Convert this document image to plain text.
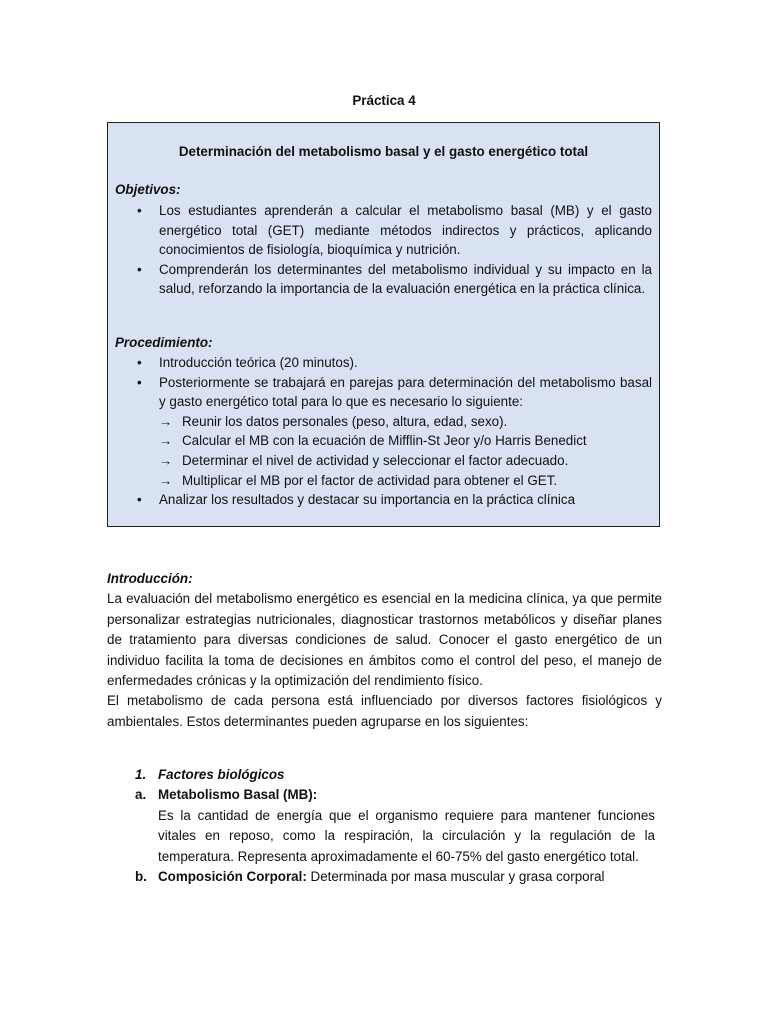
Práctica 4
Determinación del metabolismo basal y el gasto energético total
Objetivos:
• Los estudiantes aprenderán a calcular el metabolismo basal (MB) y el gasto energético total (GET) mediante métodos indirectos y prácticos, aplicando conocimientos de fisiología, bioquímica y nutrición.
• Comprenderán los determinantes del metabolismo individual y su impacto en la salud, reforzando la importancia de la evaluación energética en la práctica clínica.
Procedimiento:
• Introducción teórica (20 minutos).
• Posteriormente se trabajará en parejas para determinación del metabolismo basal y gasto energético total para lo que es necesario lo siguiente:
→ Reunir los datos personales (peso, altura, edad, sexo).
→ Calcular el MB con la ecuación de Mifflin-St Jeor y/o Harris Benedict
→ Determinar el nivel de actividad y seleccionar el factor adecuado.
→ Multiplicar el MB por el factor de actividad para obtener el GET.
• Analizar los resultados y destacar su importancia en la práctica clínica
Introducción:

La evaluación del metabolismo energético es esencial en la medicina clínica, ya que permite personalizar estrategias nutricionales, diagnosticar trastornos metabólicos y diseñar planes de tratamiento para diversas condiciones de salud. Conocer el gasto energético de un individuo facilita la toma de decisiones en ámbitos como el control del peso, el manejo de enfermedades crónicas y la optimización del rendimiento físico.

El metabolismo de cada persona está influenciado por diversos factores fisiológicos y ambientales. Estos determinantes pueden agruparse en los siguientes:

1. Factores biológicos
a. Metabolismo Basal (MB):
Es la cantidad de energía que el organismo requiere para mantener funciones vitales en reposo, como la respiración, la circulación y la regulación de la temperatura. Representa aproximadamente el 60-75% del gasto energético total.
b. Composición Corporal: Determinada por masa muscular y grasa corporal
